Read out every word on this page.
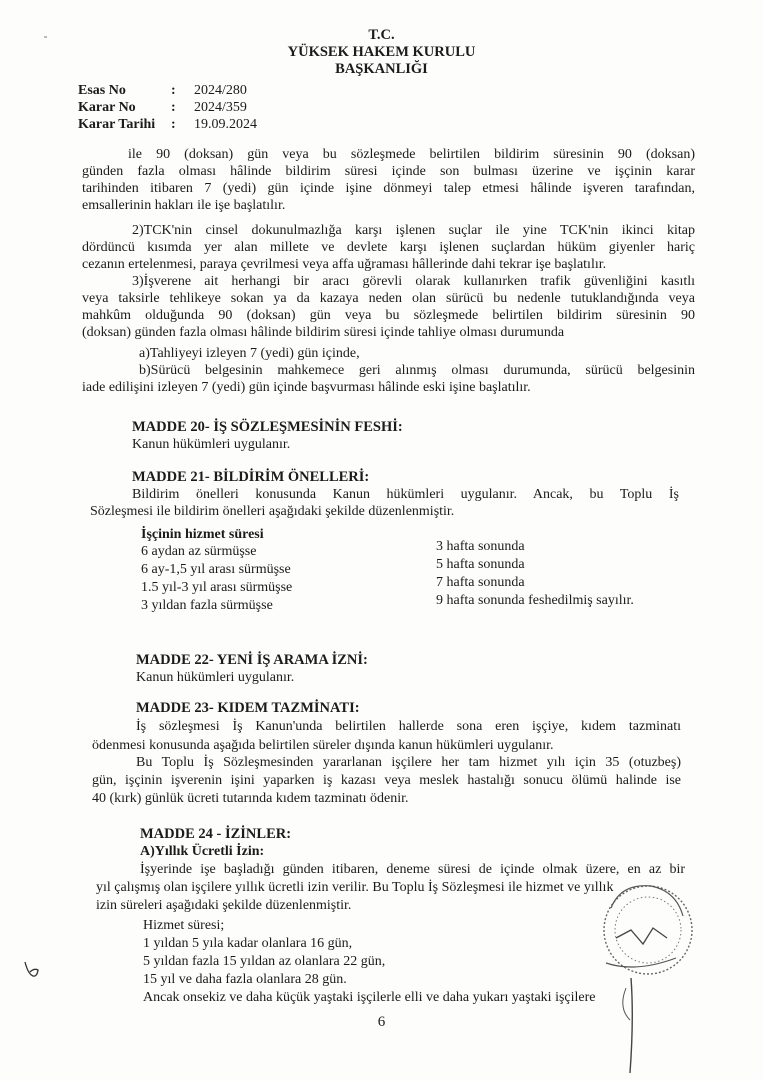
T.C.
YÜKSEK HAKEM KURULU
BAŞKANLIĞI
Esas No	: 2024/280
Karar No	: 2024/359
Karar Tarihi : 19.09.2024
ile 90 (doksan) gün veya bu sözleşmede belirtilen bildirim süresinin 90 (doksan)
günden fazla olması hâlinde bildirim süresi içinde son bulması üzerine ve işçinin karar
tarihinden itibaren 7 (yedi) gün içinde işine dönmeyi talep etmesi hâlinde işveren tarafından,
emsallerinin hakları ile işe başlatılır.
2)TCK'nin cinsel dokunulmazlığa karşı işlenen suçlar ile yine TCK'nin ikinci kitap
dördüncü kısımda yer alan millete ve devlete karşı işlenen suçlardan hüküm giyenler hariç
cezanın ertelenmesi, paraya çevrilmesi veya affa uğraması hâllerinde dahi tekrar işe başlatılır.
3)İşverene ait herhangi bir aracı görevli olarak kullanırken trafik güvenliğini kasıtlı
veya taksirle tehlikeye sokan ya da kazaya neden olan sürücü bu nedenle tutuklandığında veya
mahkûm olduğunda 90 (doksan) gün veya bu sözleşmede belirtilen bildirim süresinin 90
(doksan) günden fazla olması hâlinde bildirim süresi içinde tahliye olması durumunda
a)Tahliyeyi izleyen 7 (yedi) gün içinde,
b)Sürücü belgesinin mahkemece geri alınmış olması durumunda, sürücü belgesinin
iade edilişini izleyen 7 (yedi) gün içinde başvurması hâlinde eski işine başlatılır.
MADDE 20- İŞ SÖZLEŞMESİNİN FESHİ:
Kanun hükümleri uygulanır.
MADDE 21- BİLDİRİM ÖNELLERİ:
Bildirim önelleri konusunda Kanun hükümleri uygulanır. Ancak, bu Toplu İş
Sözleşmesi ile bildirim önelleri aşağıdaki şekilde düzenlenmiştir.
İşçinin hizmet süresi
6 aydan az sürmüşse	3 hafta sonunda
6 ay-1,5 yıl arası sürmüşse	5 hafta sonunda
1.5 yıl-3 yıl arası sürmüşse	7 hafta sonunda
3 yıldan fazla sürmüşse	9 hafta sonunda feshedilmiş sayılır.
MADDE 22- YENİ İŞ ARAMA İZNİ:
Kanun hükümleri uygulanır.
MADDE 23- KIDEM TAZMİNATI:
İş sözleşmesi İş Kanun'unda belirtilen hallerde sona eren işçiye, kıdem tazminatı
ödenmesi konusunda aşağıda belirtilen süreler dışında kanun hükümleri uygulanır.
Bu Toplu İş Sözleşmesinden yararlanan işçilere her tam hizmet yılı için 35 (otuzbeş)
gün, işçinin işverenin işini yaparken iş kazası veya meslek hastalığı sonucu ölümü halinde ise
40 (kırk) günlük ücreti tutarında kıdem tazminatı ödenir.
MADDE 24 - İZİNLER:
A)Yıllık Ücretli İzin:
İşyerinde işe başladığı günden itibaren, deneme süresi de içinde olmak üzere, en az bir
yıl çalışmış olan işçilere yıllık ücretli izin verilir. Bu Toplu İş Sözleşmesi ile hizmet ve yıllık
izin süreleri aşağıdaki şekilde düzenlenmiştir.
Hizmet süresi;
1 yıldan 5 yıla kadar olanlara 16 gün,
5 yıldan fazla 15 yıldan az olanlara 22 gün,
15 yıl ve daha fazla olanlara 28 gün.
Ancak onsekiz ve daha küçük yaştaki işçilerle elli ve daha yukarı yaştaki işçilere
6
